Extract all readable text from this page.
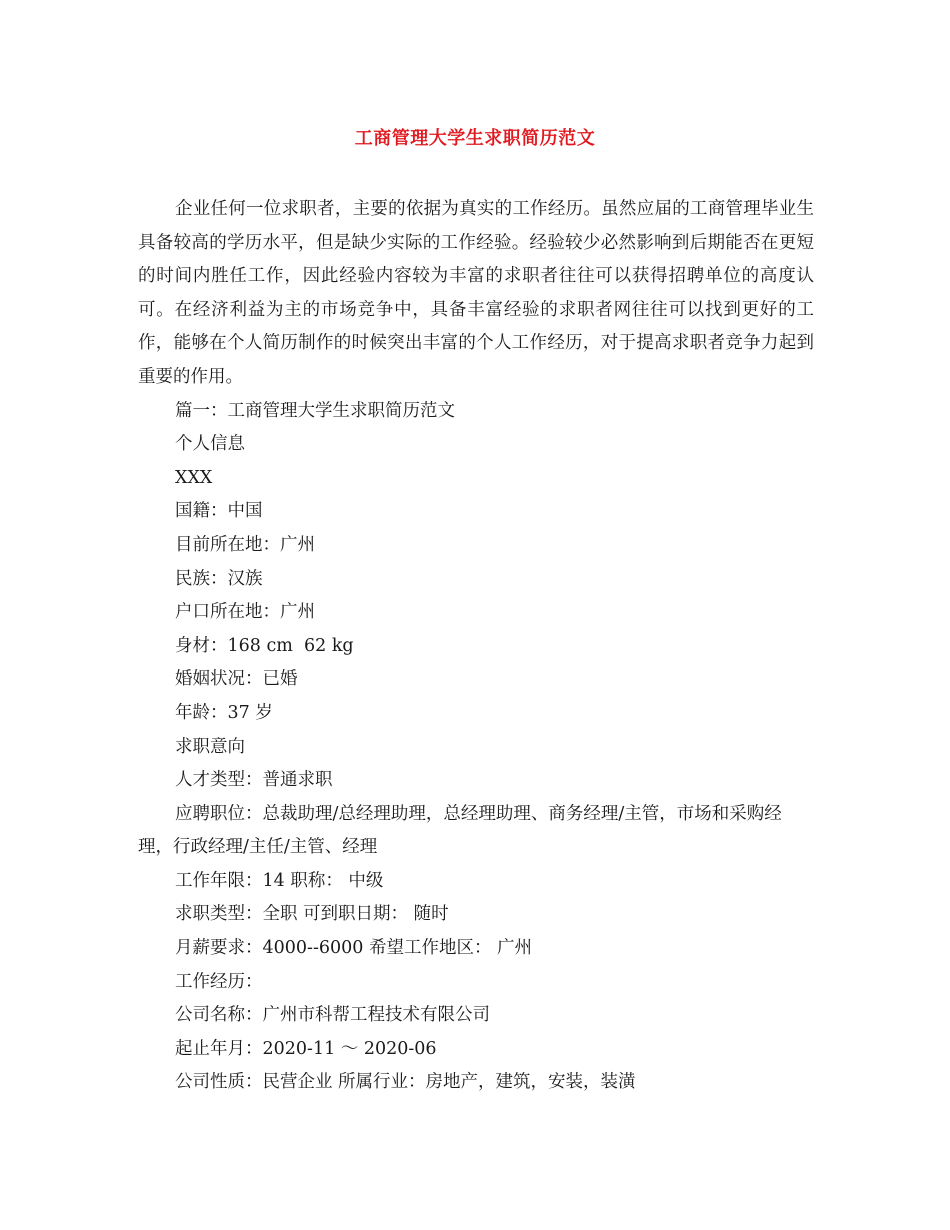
工商管理大学生求职简历范文

企业任何一位求职者，主要的依据为真实的工作经历。虽然应届的工商管理毕业生具备较高的学历水平，但是缺少实际的工作经验。经验较少必然影响到后期能否在更短的时间内胜任工作，因此经验内容较为丰富的求职者往往可以获得招聘单位的高度认可。在经济利益为主的市场竞争中，具备丰富经验的求职者网往往可以找到更好的工作，能够在个人简历制作的时候突出丰富的个人工作经历，对于提高求职者竞争力起到重要的作用。

篇一：工商管理大学生求职简历范文

个人信息

XXX

国籍：中国

目前所在地：广州

民族：汉族

户口所在地：广州

身材：168 cm  62 kg

婚姻状况：已婚

年龄：37 岁

求职意向

人才类型：普通求职

应聘职位：总裁助理/总经理助理，总经理助理、商务经理/主管，市场和采购经理，行政经理/主任/主管、经理

工作年限：14 职称： 中级

求职类型：全职 可到职日期： 随时

月薪要求：4000--6000 希望工作地区： 广州

工作经历：

公司名称：广州市科帮工程技术有限公司

起止年月：2020-11 ～ 2020-06

公司性质：民营企业 所属行业：房地产，建筑，安装，装潢
